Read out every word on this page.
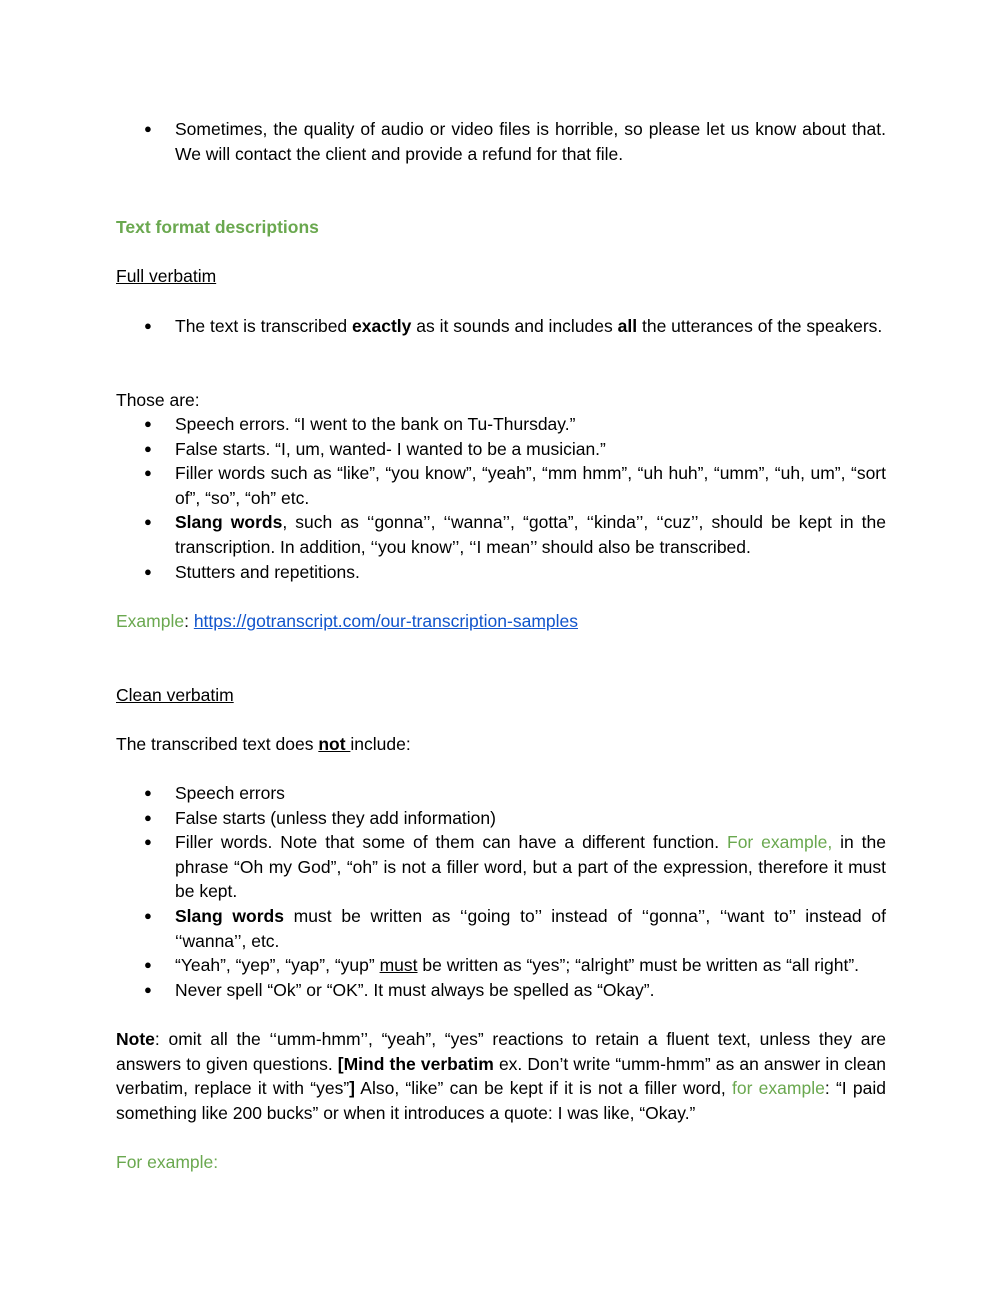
● Sometimes, the quality of audio or video files is horrible, so please let us know about that. We will contact the client and provide a refund for that file.
Text format descriptions
Full verbatim
● The text is transcribed exactly as it sounds and includes all the utterances of the speakers.
Those are:
● Speech errors. “I went to the bank on Tu-Thursday.”
● False starts. “I, um, wanted- I wanted to be a musician.”
● Filler words such as “like”, “you know”, “yeah”, “mm hmm”, “uh huh”, “umm”, “uh, um”, “sort of”, “so”, “oh” etc.
● Slang words, such as ‘‘gonna’’, ‘‘wanna’’, “gotta”, ‘‘kinda’’, ‘‘cuz’’, should be kept in the transcription. In addition, ‘‘you know’’, ‘‘I mean’’ should also be transcribed.
● Stutters and repetitions.
Example: https://gotranscript.com/our-transcription-samples
Clean verbatim
The transcribed text does not include:
● Speech errors
● False starts (unless they add information)
● Filler words. Note that some of them can have a different function. For example, in the phrase “Oh my God”, “oh” is not a filler word, but a part of the expression, therefore it must be kept.
● Slang words must be written as ‘‘going to’’ instead of ‘‘gonna’’, ‘‘want to’’ instead of ‘‘wanna’’, etc.
● “Yeah”, “yep”, “yap”, “yup” must be written as “yes”; “alright” must be written as “all right”.
● Never spell “Ok” or “OK”. It must always be spelled as “Okay”.
Note: omit all the ‘‘umm-hmm’’, “yeah”, “yes” reactions to retain a fluent text, unless they are answers to given questions. [Mind the verbatim ex. Don’t write “umm-hmm” as an answer in clean verbatim, replace it with “yes”] Also, “like” can be kept if it is not a filler word, for example: “I paid something like 200 bucks” or when it introduces a quote: I was like, “Okay.”
For example:
